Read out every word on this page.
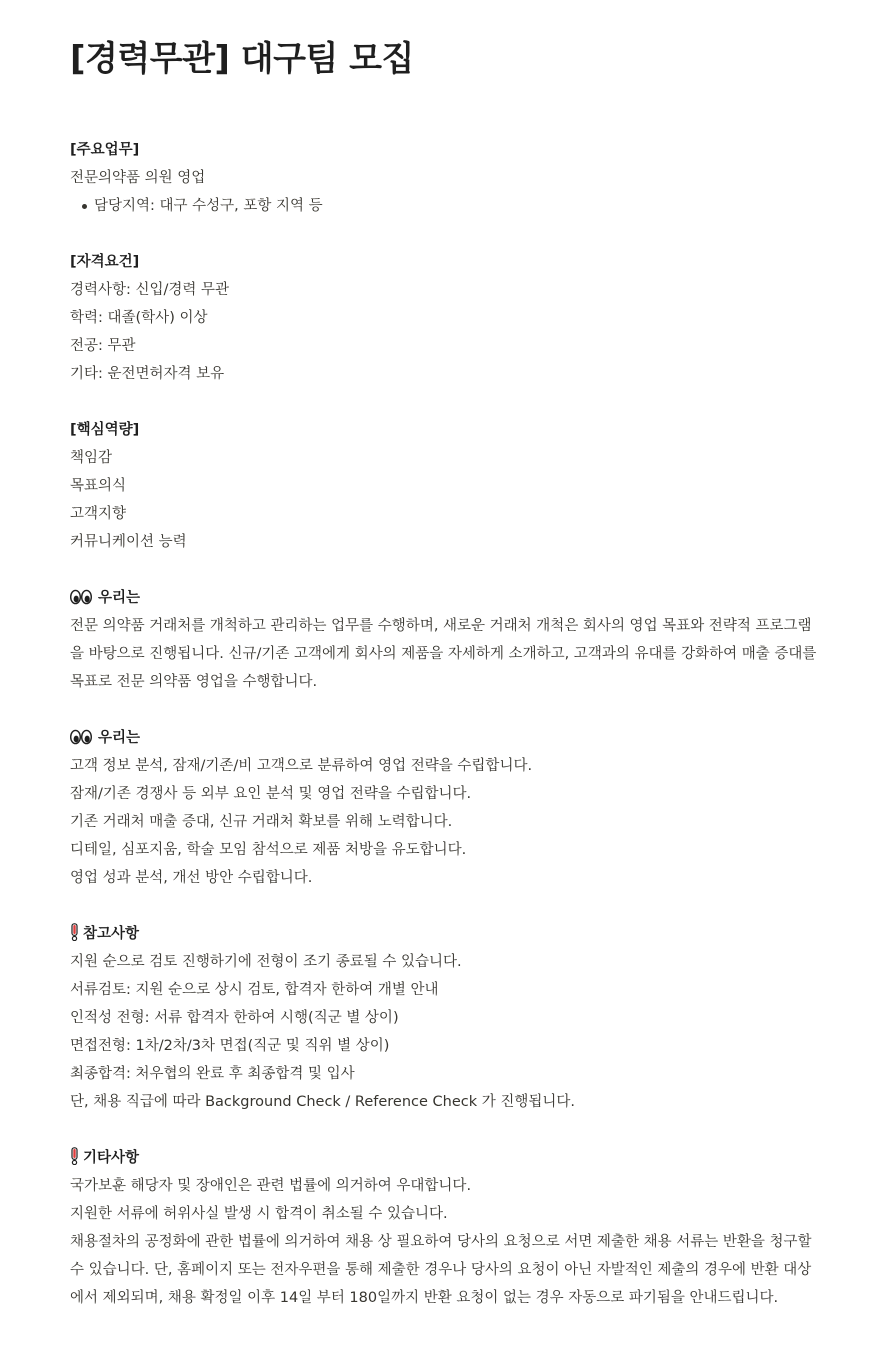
[경력무관] 대구팀 모집
[주요업무]
전문의약품 의원 영업
담당지역: 대구 수성구, 포항 지역 등
[자격요건]
경력사항: 신입/경력 무관
학력: 대졸(학사) 이상
전공: 무관
기타: 운전면허자격 보유
[핵심역량]
책임감
목표의식
고객지향
커뮤니케이션 능력
우리는
전문 의약품 거래처를 개척하고 관리하는 업무를 수행하며, 새로운 거래처 개척은 회사의 영업 목표와 전략적 프로그램을 바탕으로 진행됩니다. 신규/기존 고객에게 회사의 제품을 자세하게 소개하고, 고객과의 유대를 강화하여 매출 증대를 목표로 전문 의약품 영업을 수행합니다.
우리는
고객 정보 분석, 잠재/기존/비 고객으로 분류하여 영업 전략을 수립합니다.
잠재/기존 경쟁사 등 외부 요인 분석 및 영업 전략을 수립합니다.
기존 거래처 매출 증대, 신규 거래처 확보를 위해 노력합니다.
디테일, 심포지움, 학술 모임 참석으로 제품 처방을 유도합니다.
영업 성과 분석, 개선 방안 수립합니다.
참고사항
지원 순으로 검토 진행하기에 전형이 조기 종료될 수 있습니다.
서류검토: 지원 순으로 상시 검토, 합격자 한하여 개별 안내
인적성 전형: 서류 합격자 한하여 시행(직군 별 상이)
면접전형: 1차/2차/3차 면접(직군 및 직위 별 상이)
최종합격: 처우협의 완료 후 최종합격 및 입사
단, 채용 직급에 따라 Background Check / Reference Check 가 진행됩니다.
기타사항
국가보훈 해당자 및 장애인은 관련 법률에 의거하여 우대합니다.
지원한 서류에 허위사실 발생 시 합격이 취소될 수 있습니다.
채용절차의 공정화에 관한 법률에 의거하여 채용 상 필요하여 당사의 요청으로 서면 제출한 채용 서류는 반환을 청구할 수 있습니다. 단, 홈페이지 또는 전자우편을 통해 제출한 경우나 당사의 요청이 아닌 자발적인 제출의 경우에 반환 대상에서 제외되며, 채용 확정일 이후 14일 부터 180일까지 반환 요청이 없는 경우 자동으로 파기됨을 안내드립니다.
